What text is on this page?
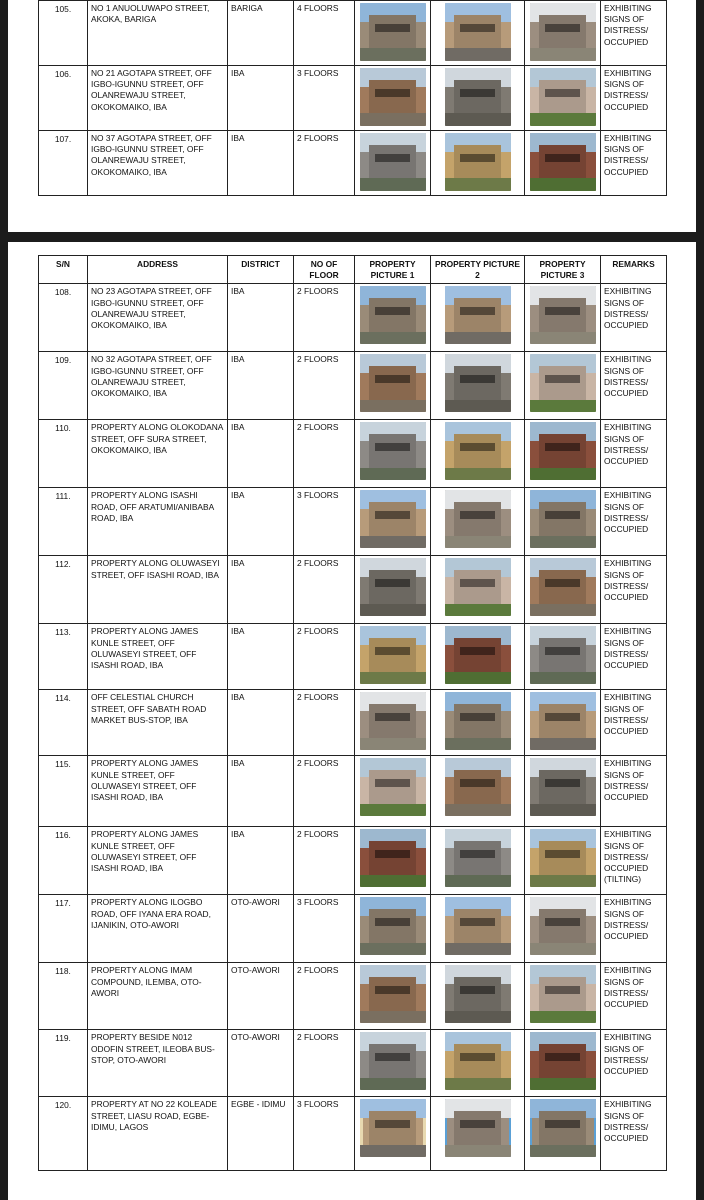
105.	NO 1 ANUOLUWAPO STREET, AKOKA, BARIGA	BARIGA	4 FLOORS				EXHIBITING SIGNS OF DISTRESS/ OCCUPIED
106.	NO 21 AGOTAPA STREET, OFF IGBO-IGUNNU STREET, OFF OLANREWAJU STREET, OKOKOMAIKO, IBA	IBA	3 FLOORS				EXHIBITING SIGNS OF DISTRESS/ OCCUPIED
107.	NO 37 AGOTAPA STREET, OFF IGBO-IGUNNU STREET, OFF OLANREWAJU STREET, OKOKOMAIKO, IBA	IBA	2 FLOORS				EXHIBITING SIGNS OF DISTRESS/ OCCUPIED
S/N	ADDRESS	DISTRICT	NO OF FLOOR	PROPERTY PICTURE 1	PROPERTY PICTURE 2	PROPERTY PICTURE 3	REMARKS
108.	NO 23 AGOTAPA STREET, OFF IGBO-IGUNNU STREET, OFF OLANREWAJU STREET, OKOKOMAIKO, IBA	IBA	2 FLOORS				EXHIBITING SIGNS OF DISTRESS/ OCCUPIED
109.	NO 32 AGOTAPA STREET, OFF IGBO-IGUNNU STREET, OFF OLANREWAJU STREET, OKOKOMAIKO, IBA	IBA	2 FLOORS				EXHIBITING SIGNS OF DISTRESS/ OCCUPIED
110.	PROPERTY ALONG OLOKODANA STREET, OFF SURA STREET, OKOKOMAIKO, IBA	IBA	2 FLOORS				EXHIBITING SIGNS OF DISTRESS/ OCCUPIED
111.	PROPERTY ALONG ISASHI ROAD, OFF ARATUMI/ANIBABA ROAD, IBA	IBA	3 FLOORS				EXHIBITING SIGNS OF DISTRESS/ OCCUPIED
112.	PROPERTY ALONG OLUWASEYI STREET, OFF ISASHI ROAD, IBA	IBA	2 FLOORS				EXHIBITING SIGNS OF DISTRESS/ OCCUPIED
113.	PROPERTY ALONG JAMES KUNLE STREET, OFF OLUWASEYI STREET, OFF ISASHI ROAD, IBA	IBA	2 FLOORS				EXHIBITING SIGNS OF DISTRESS/ OCCUPIED
114.	OFF CELESTIAL CHURCH STREET, OFF SABATH ROAD MARKET BUS-STOP, IBA	IBA	2 FLOORS				EXHIBITING SIGNS OF DISTRESS/ OCCUPIED
115.	PROPERTY ALONG JAMES KUNLE STREET, OFF OLUWASEYI STREET, OFF ISASHI ROAD, IBA	IBA	2 FLOORS				EXHIBITING SIGNS OF DISTRESS/ OCCUPIED
116.	PROPERTY ALONG JAMES KUNLE STREET, OFF OLUWASEYI STREET, OFF ISASHI ROAD, IBA	IBA	2 FLOORS				EXHIBITING SIGNS OF DISTRESS/ OCCUPIED (TILTING)
117.	PROPERTY ALONG ILOGBO ROAD, OFF IYANA ERA ROAD, IJANIKIN, OTO-AWORI	OTO-AWORI	3 FLOORS				EXHIBITING SIGNS OF DISTRESS/ OCCUPIED
118.	PROPERTY ALONG IMAM COMPOUND, ILEMBA, OTO-AWORI	OTO-AWORI	2 FLOORS				EXHIBITING SIGNS OF DISTRESS/ OCCUPIED
119.	PROPERTY BESIDE N012 ODOFIN STREET, ILEOBA BUS-STOP, OTO-AWORI	OTO-AWORI	2 FLOORS				EXHIBITING SIGNS OF DISTRESS/ OCCUPIED
120.	PROPERTY AT NO 22 KOLEADE STREET, LIASU ROAD, EGBE-IDIMU, LAGOS	EGBE - IDIMU	3 FLOORS				EXHIBITING SIGNS OF DISTRESS/ OCCUPIED
